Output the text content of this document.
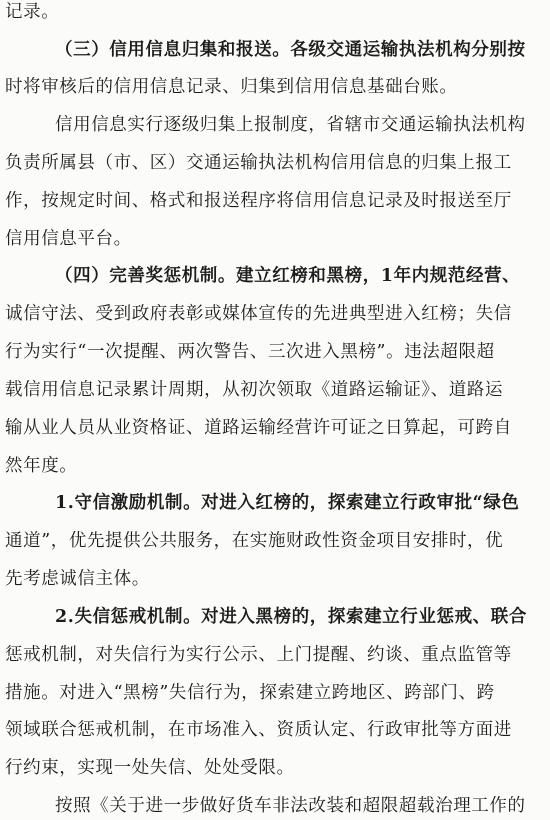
记录。
（三）信用信息归集和报送。各级交通运输执法机构分别按
时将审核后的信用信息记录、归集到信用信息基础台账。
信用信息实行逐级归集上报制度，省辖市交通运输执法机构
负责所属县（市、区）交通运输执法机构信用信息的归集上报工
作，按规定时间、格式和报送程序将信用信息记录及时报送至厅
信用信息平台。
（四）完善奖惩机制。建立红榜和黑榜，1年内规范经营、
诚信守法、受到政府表彰或媒体宣传的先进典型进入红榜；失信
行为实行“一次提醒、两次警告、三次进入黑榜”。违法超限超
载信用信息记录累计周期，从初次领取《道路运输证》、道路运
输从业人员从业资格证、道路运输经营许可证之日算起，可跨自
然年度。
1.守信激励机制。对进入红榜的，探索建立行政审批“绿色
通道”，优先提供公共服务，在实施财政性资金项目安排时，优
先考虑诚信主体。
2.失信惩戒机制。对进入黑榜的，探索建立行业惩戒、联合
惩戒机制，对失信行为实行公示、上门提醒、约谈、重点监管等
措施。对进入“黑榜”失信行为，探索建立跨地区、跨部门、跨
领域联合惩戒机制，在市场准入、资质认定、行政审批等方面进
行约束，实现一处失信、处处受限。
按照《关于进一步做好货车非法改装和超限超载治理工作的
